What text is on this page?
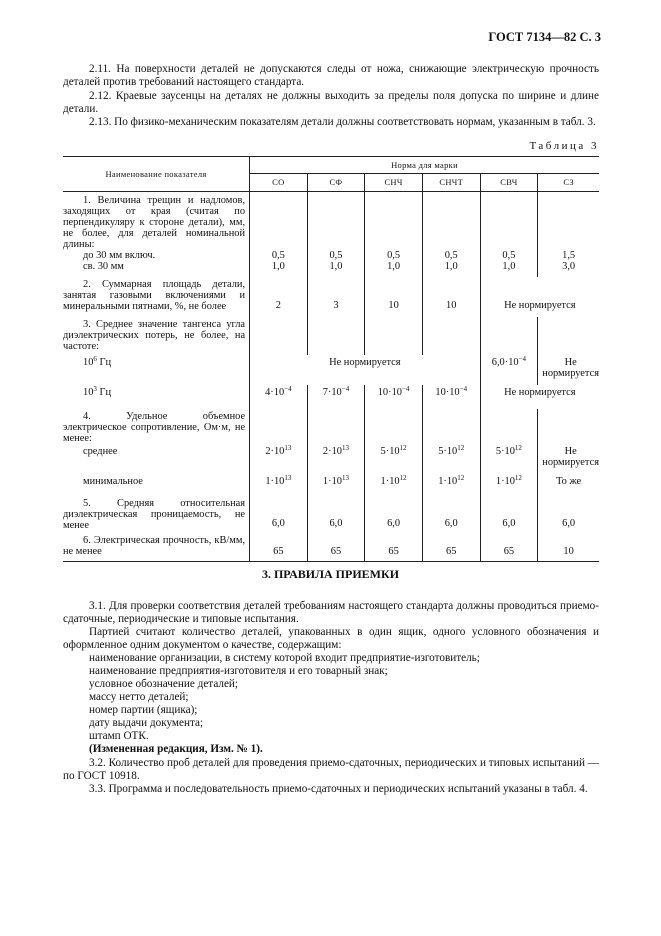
ГОСТ 7134—82 С. 3
2.11. На поверхности деталей не допускаются следы от ножа, снижающие электрическую прочность деталей против требований настоящего стандарта.
2.12. Краевые заусенцы на деталях не должны выходить за пределы поля допуска по ширине и длине детали.
2.13. По физико-механическим показателям детали должны соответствовать нормам, указанным в табл. 3.
Таблица 3
Наименование показателя	Норма для марки					
	СО	СФ	СНЧ	СНЧТ	СВЧ	СЗ
1. Величина трещин и надломов, заходящих от края (считая по перпендикуляру к стороне детали), мм, не более, для деталей номинальной длины:						
до 30 мм включ.	0,5	0,5	0,5	0,5	0,5	1,5
св. 30 мм	1,0	1,0	1,0	1,0	1,0	3,0
2. Суммарная площадь детали, занятая газовыми включениями и минеральными пятнами, %, не более	2	3	10	10	Не нормируется	
3. Среднее значение тангенса угла диэлектрических потерь, не более, на частоте:						
$10^6$ Гц	Не нормируется				$6,0\cdot 10^{-4}$	Не нормируется
$10^3$ Гц	$4\cdot 10^{-4}$	$7\cdot 10^{-4}$	$10\cdot 10^{-4}$	$10\cdot 10^{-4}$	Не нормируется	
4. Удельное объемное электрическое сопротивление, Ом·м, не менее:						
среднее	$2\cdot 10^{13}$	$2\cdot 10^{13}$	$5\cdot 10^{12}$	$5\cdot 10^{12}$	$5\cdot 10^{12}$	Не нормируется
минимальное	$1\cdot 10^{13}$	$1\cdot 10^{13}$	$1\cdot 10^{12}$	$1\cdot 10^{12}$	$1\cdot 10^{12}$	То же
5. Средняя относительная диэлектрическая проницаемость, не менее	6,0	6,0	6,0	6,0	6,0	6,0
6. Электрическая прочность, кВ/мм, не менее	65	65	65	65	65	10
3. ПРАВИЛА ПРИЕМКИ
3.1. Для проверки соответствия деталей требованиям настоящего стандарта должны проводиться приемо-сдаточные, периодические и типовые испытания.
Партией считают количество деталей, упакованных в один ящик, одного условного обозначения и оформленное одним документом о качестве, содержащим:
наименование организации, в систему которой входит предприятие-изготовитель;
наименование предприятия-изготовителя и его товарный знак;
условное обозначение деталей;
массу нетто деталей;
номер партии (ящика);
дату выдачи документа;
штамп ОТК.
(Измененная редакция, Изм. № 1).
3.2. Количество проб деталей для проведения приемо-сдаточных, периодических и типовых испытаний — по ГОСТ 10918.
3.3. Программа и последовательность приемо-сдаточных и периодических испытаний указаны в табл. 4.
